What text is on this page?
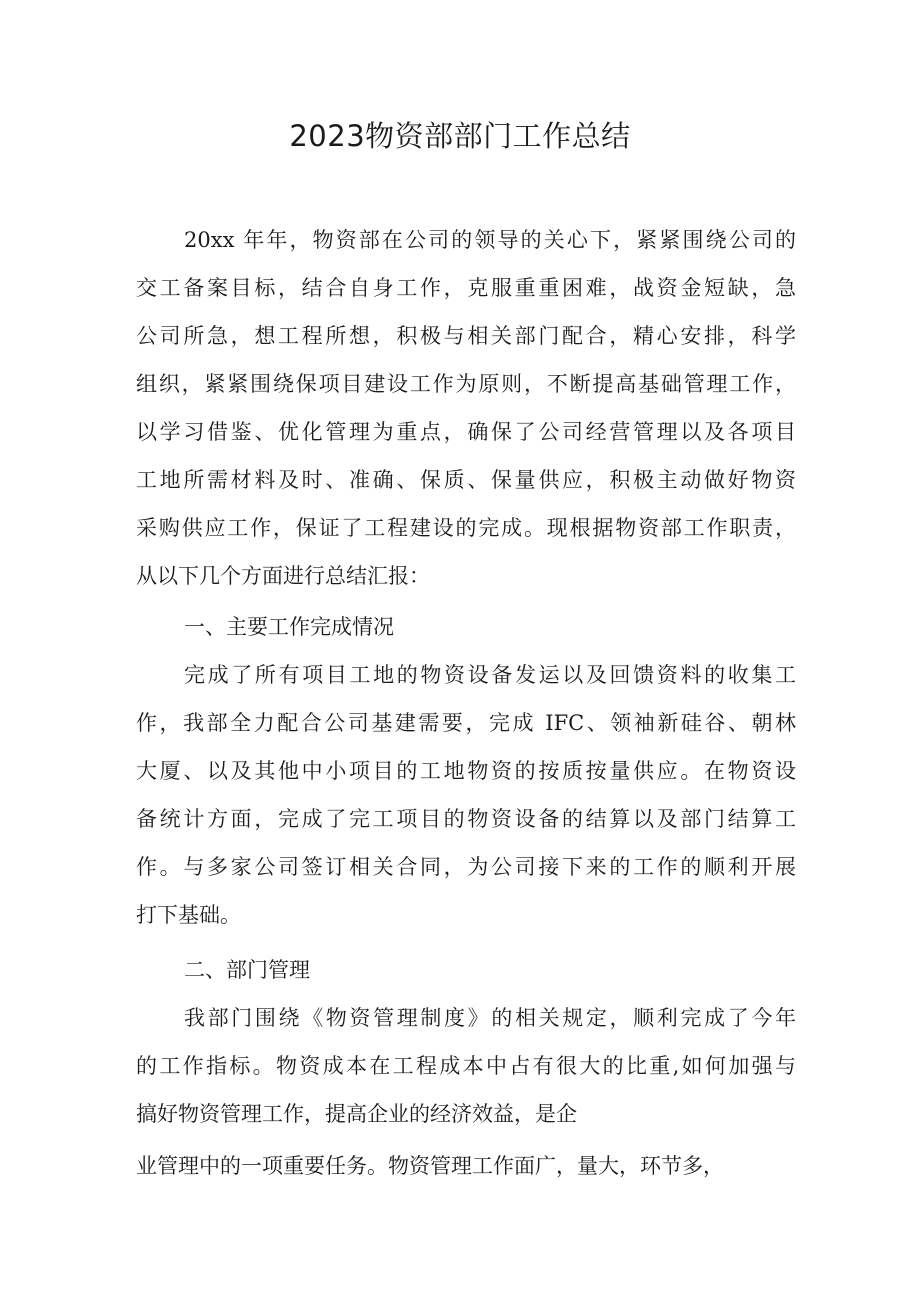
2023物资部部门工作总结

20xx 年年，物资部在公司的领导的关心下，紧紧围绕公司的

交工备案目标，结合自身工作，克服重重困难，战资金短缺，急

公司所急，想工程所想，积极与相关部门配合，精心安排，科学

组织，紧紧围绕保项目建设工作为原则，不断提高基础管理工作，

以学习借鉴、优化管理为重点，确保了公司经营管理以及各项目

工地所需材料及时、准确、保质、保量供应，积极主动做好物资

采购供应工作，保证了工程建设的完成。现根据物资部工作职责，

从以下几个方面进行总结汇报：

一、主要工作完成情况

完成了所有项目工地的物资设备发运以及回馈资料的收集工

作，我部全力配合公司基建需要，完成 IFC、领袖新硅谷、朝林

大厦、以及其他中小项目的工地物资的按质按量供应。在物资设

备统计方面，完成了完工项目的物资设备的结算以及部门结算工

作。与多家公司签订相关合同，为公司接下来的工作的顺利开展

打下基础。

二、部门管理

我部门围绕《物资管理制度》的相关规定，顺利完成了今年

的工作指标。物资成本在工程成本中占有很大的比重,如何加强与

搞好物资管理工作，提高企业的经济效益，是企

业管理中的一项重要任务。物资管理工作面广，量大，环节多，
